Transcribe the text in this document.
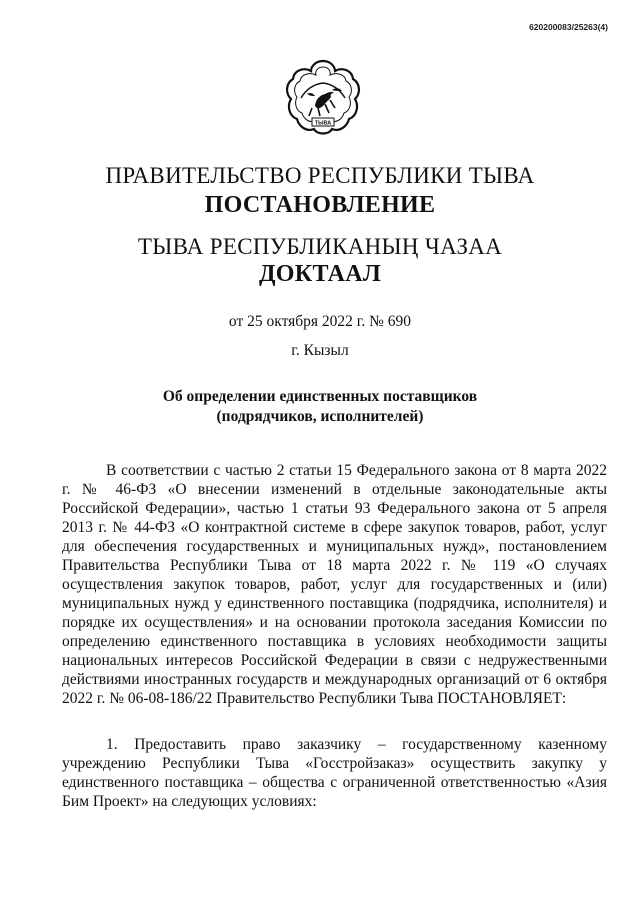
620200083/25263(4)
ТЫВА
ПРАВИТЕЛЬСТВО РЕСПУБЛИКИ ТЫВА
ПОСТАНОВЛЕНИЕ
ТЫВА РЕСПУБЛИКАНЫҢ ЧАЗАА
ДОКТААЛ
от 25 октября 2022 г. № 690
г. Кызыл
Об определении единственных поставщиков
(подрядчиков, исполнителей)

В соответствии с частью 2 статьи 15 Федерального закона от 8 марта 2022 г. № 46-ФЗ «О внесении изменений в отдельные законодательные акты Российской Федерации», частью 1 статьи 93 Федерального закона от 5 апреля 2013 г. № 44-ФЗ «О контрактной системе в сфере закупок товаров, работ, услуг для обеспечения государственных и муниципальных нужд», постановлением Правительства Республики Тыва от 18 марта 2022 г. № 119 «О случаях осуществления закупок товаров, работ, услуг для государственных и (или) муниципальных нужд у единственного поставщика (подрядчика, исполнителя) и порядке их осуществления» и на основании протокола заседания Комиссии по определению единственного поставщика в условиях необходимости защиты национальных интересов Российской Федерации в связи с недружественными действиями иностранных государств и международных организаций от 6 октября 2022 г. № 06-08-186/22 Правительство Республики Тыва ПОСТАНОВЛЯЕТ:

1. Предоставить право заказчику – государственному казенному учреждению Республики Тыва «Госстройзаказ» осуществить закупку у единственного поставщика – общества с ограниченной ответственностью «Азия Бим Проект» на следующих условиях:
